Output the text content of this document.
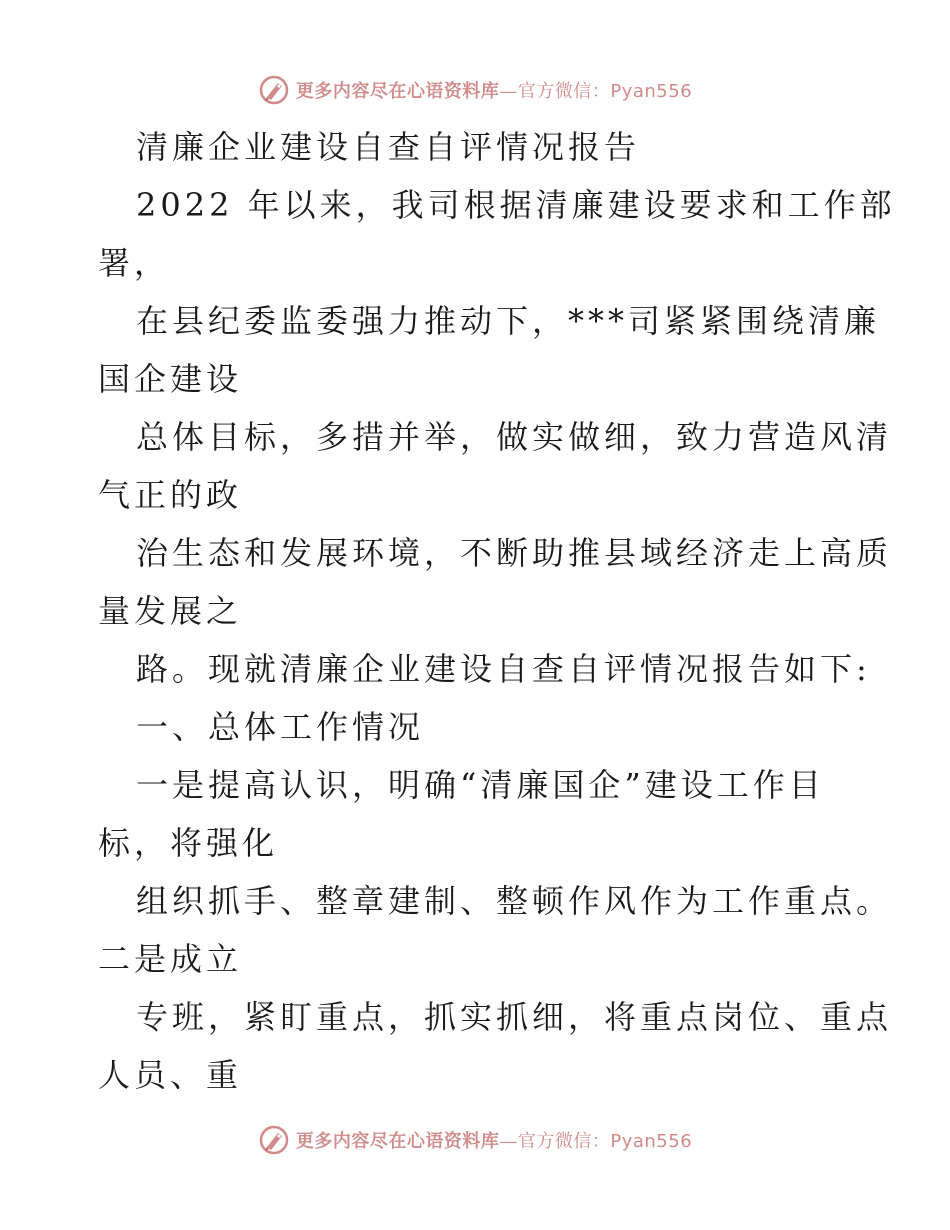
更多内容尽在心语资料库—官方微信：Pyan556

清廉企业建设自查自评情况报告

2022 年以来，我司根据清廉建设要求和工作部

署，

在县纪委监委强力推动下，***司紧紧围绕清廉

国企建设

总体目标，多措并举，做实做细，致力营造风清

气正的政

治生态和发展环境，不断助推县域经济走上高质

量发展之

路。现就清廉企业建设自查自评情况报告如下:

一、总体工作情况

一是提高认识，明确“清廉国企”建设工作目

标，将强化

组织抓手、整章建制、整顿作风作为工作重点。

二是成立

专班，紧盯重点，抓实抓细，将重点岗位、重点

人员、重

更多内容尽在心语资料库—官方微信：Pyan556
